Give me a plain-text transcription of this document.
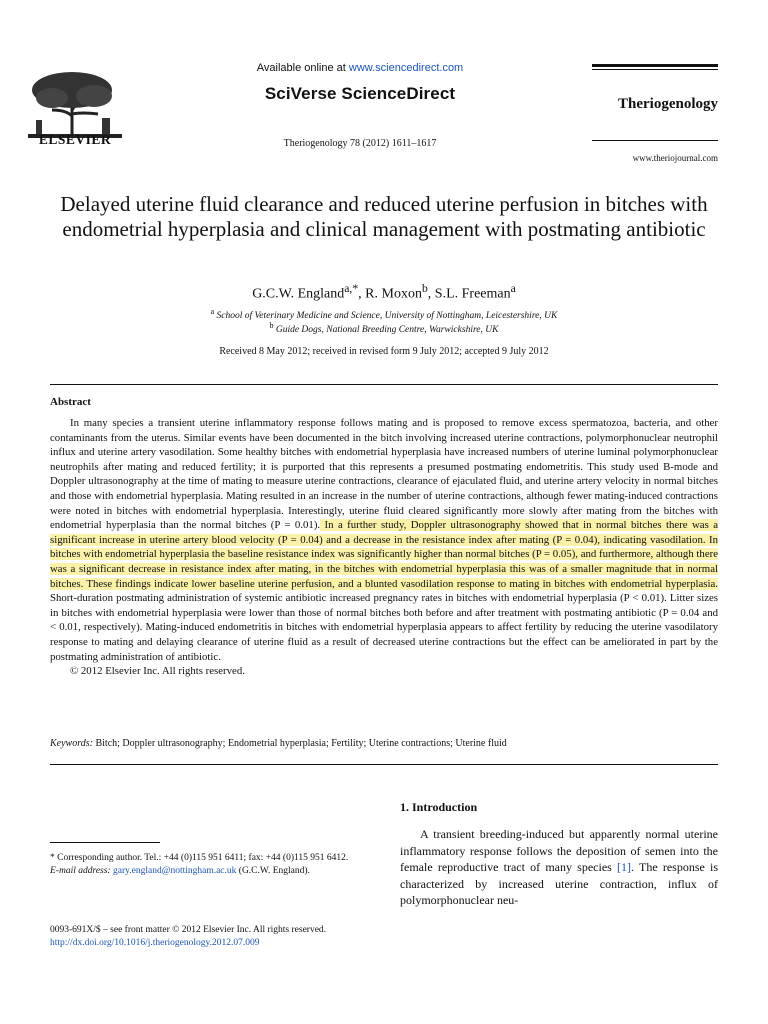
ELSEVIER
Available online at www.sciencedirect.com
SciVerse ScienceDirect
Theriogenology 78 (2012) 1611–1617
Theriogenology
www.theriojournal.com
Delayed uterine fluid clearance and reduced uterine perfusion in bitches with endometrial hyperplasia and clinical management with postmating antibiotic
G.C.W. England$^{a,*}$, R. Moxon$^b$, S.L. Freeman$^a$
$^a$ School of Veterinary Medicine and Science, University of Nottingham, Leicestershire, UK
$^b$ Guide Dogs, National Breeding Centre, Warwickshire, UK
Received 8 May 2012; received in revised form 9 July 2012; accepted 9 July 2012
Abstract

In many species a transient uterine inflammatory response follows mating and is proposed to remove excess spermatozoa, bacteria, and other contaminants from the uterus. Similar events have been documented in the bitch involving increased uterine contractions, polymorphonuclear neutrophil influx and uterine artery vasodilation. Some healthy bitches with endometrial hyperplasia have increased numbers of uterine luminal polymorphonuclear neutrophils after mating and reduced fertility; it is purported that this represents a presumed postmating endometritis. This study used B-mode and Doppler ultrasonography at the time of mating to measure uterine contractions, clearance of ejaculated fluid, and uterine artery velocity in normal bitches and those with endometrial hyperplasia. Mating resulted in an increase in the number of uterine contractions, although fewer mating-induced contractions were noted in bitches with endometrial hyperplasia. Interestingly, uterine fluid cleared significantly more slowly after mating from the bitches with endometrial hyperplasia than the normal bitches (P = 0.01). In a further study, Doppler ultrasonography showed that in normal bitches there was a significant increase in uterine artery blood velocity (P = 0.04) and a decrease in the resistance index after mating (P = 0.04), indicating vasodilation. In bitches with endometrial hyperplasia the baseline resistance index was significantly higher than normal bitches (P = 0.05), and furthermore, although there was a significant decrease in resistance index after mating, in the bitches with endometrial hyperplasia this was of a smaller magnitude that in normal bitches. These findings indicate lower baseline uterine perfusion, and a blunted vasodilation response to mating in bitches with endometrial hyperplasia. Short-duration postmating administration of systemic antibiotic increased pregnancy rates in bitches with endometrial hyperplasia (P < 0.01). Litter sizes in bitches with endometrial hyperplasia were lower than those of normal bitches both before and after treatment with postmating antibiotic (P = 0.04 and < 0.01, respectively). Mating-induced endometritis in bitches with endometrial hyperplasia appears to affect fertility by reducing the uterine vasodilatory response to mating and delaying clearance of uterine fluid as a result of decreased uterine contractions but the effect can be ameliorated in part by the postmating administration of antibiotic.

© 2012 Elsevier Inc. All rights reserved.

Keywords: Bitch; Doppler ultrasonography; Endometrial hyperplasia; Fertility; Uterine contractions; Uterine fluid
1. Introduction
A transient breeding-induced but apparently normal uterine inflammatory response follows the deposition of semen into the female reproductive tract of many species [1]. The response is characterized by increased uterine contraction, influx of polymorphonuclear neu-
* Corresponding author. Tel.: +44 (0)115 951 6411; fax: +44 (0)115 951 6412.
E-mail address: gary.england@nottingham.ac.uk (G.C.W. England).
0093-691X/$ – see front matter © 2012 Elsevier Inc. All rights reserved.
http://dx.doi.org/10.1016/j.theriogenology.2012.07.009
